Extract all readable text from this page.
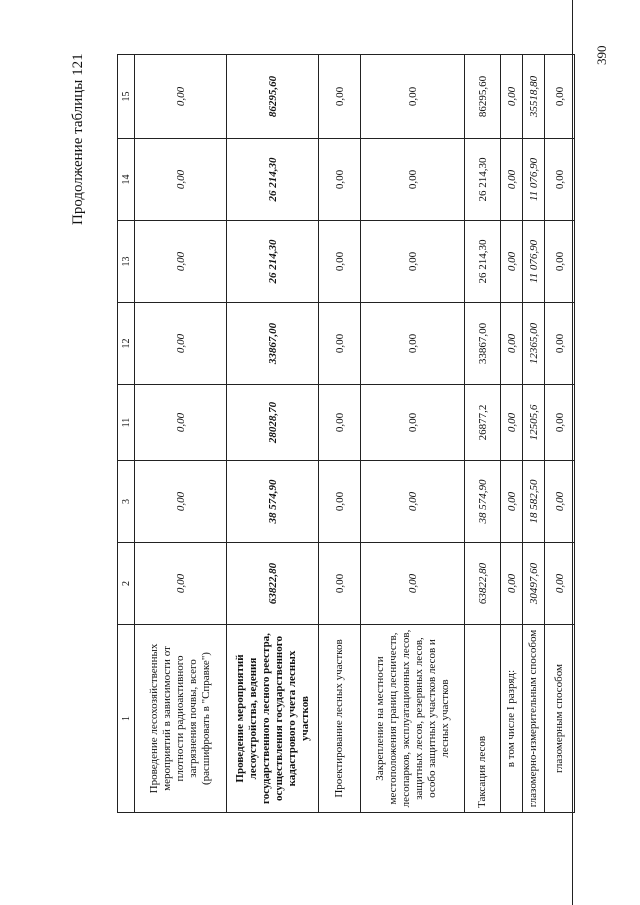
Продолжение таблицы 121
1	2	3	11	12	13	14	15
Проведение лесохозяйственных мероприятий в зависимости от плотности радиоактивного загрязнения почвы, всего (расшифровать в "Справке")	0,00	0,00	0,00	0,00	0,00	0,00	0,00
Проведение мероприятий лесоустройства, ведения государственного лесного реестра, осуществления государственного кадастрового учета лесных участков	63822,80	38 574,90	28028,70	33867,00	26 214,30	26 214,30	86295,60
Проектирование лесных участков	0,00	0,00	0,00	0,00	0,00	0,00	0,00
Закрепление на местности местоположения границ лесничеств, лесопарков, эксплуатационных лесов, защитных лесов, резервных лесов, особо защитных участков лесов и лесных участков	0,00	0,00	0,00	0,00	0,00	0,00	0,00
Таксация лесов	63822,80	38 574,90	26877,2	33867,00	26 214,30	26 214,30	86295,60
в том числе I разряд:	0,00	0,00	0,00	0,00	0,00	0,00	0,00
глазомерно-измерительным способом	30497,60	18 582,50	12505,6	12365,00	11 076,90	11 076,90	35518,80
глазомерным способом	0,00	0,00	0,00	0,00	0,00	0,00	0,00
390
